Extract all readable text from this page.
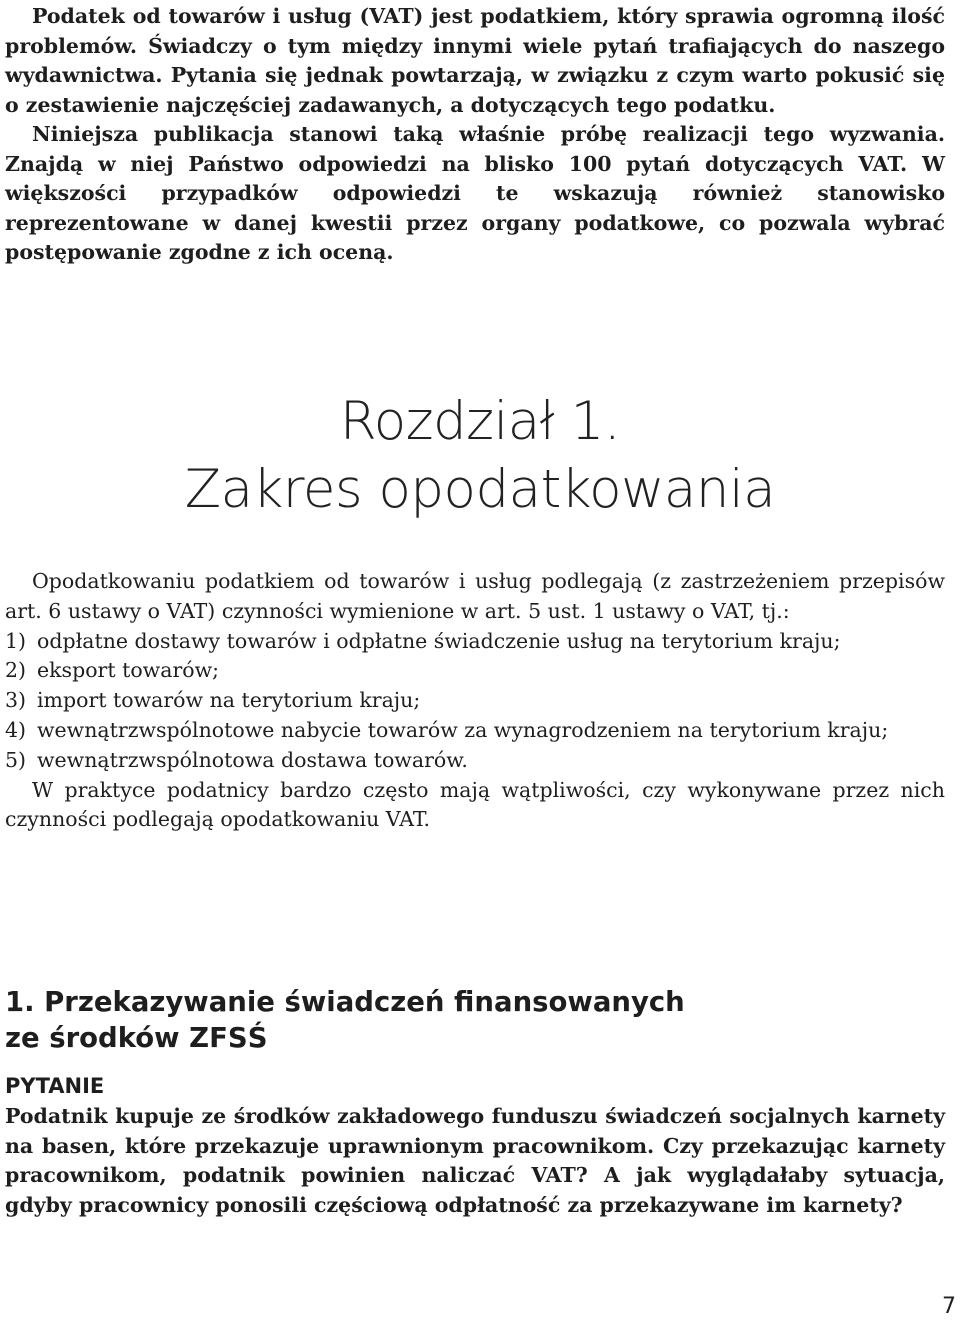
Podatek od towarów i usług (VAT) jest podatkiem, który sprawia ogromną ilość problemów. Świadczy o tym między innymi wiele pytań trafiających do naszego wydawnictwa. Pytania się jednak powtarzają, w związku z czym warto pokusić się o zestawienie najczęściej zadawanych, a dotyczących tego podatku.

Niniejsza publikacja stanowi taką właśnie próbę realizacji tego wyzwania. Znajdą w niej Państwo odpowiedzi na blisko 100 pytań dotyczących VAT. W większości przypadków odpowiedzi te wskazują również stanowisko reprezentowane w danej kwestii przez organy podatkowe, co pozwala wybrać postępowanie zgodne z ich oceną.

Rozdział 1.
Zakres opodatkowania

Opodatkowaniu podatkiem od towarów i usług podlegają (z zastrzeżeniem przepisów art. 6 ustawy o VAT) czynności wymienione w art. 5 ust. 1 ustawy o VAT, tj.:

1) odpłatne dostawy towarów i odpłatne świadczenie usług na terytorium kraju;
2) eksport towarów;
3) import towarów na terytorium kraju;
4) wewnątrzwspólnotowe nabycie towarów za wynagrodzeniem na terytorium kraju;
5) wewnątrzwspólnotowa dostawa towarów.

W praktyce podatnicy bardzo często mają wątpliwości, czy wykonywane przez nich czynności podlegają opodatkowaniu VAT.

1. Przekazywanie świadczeń finansowanych
ze środków ZFSŚ
PYTANIE
Podatnik kupuje ze środków zakładowego funduszu świadczeń socjalnych karnety na basen, które przekazuje uprawnionym pracownikom. Czy przekazując karnety pracownikom, podatnik powinien naliczać VAT? A jak wyglądałaby sytuacja, gdyby pracownicy ponosili częściową odpłatność za przekazywane im karnety?
7
